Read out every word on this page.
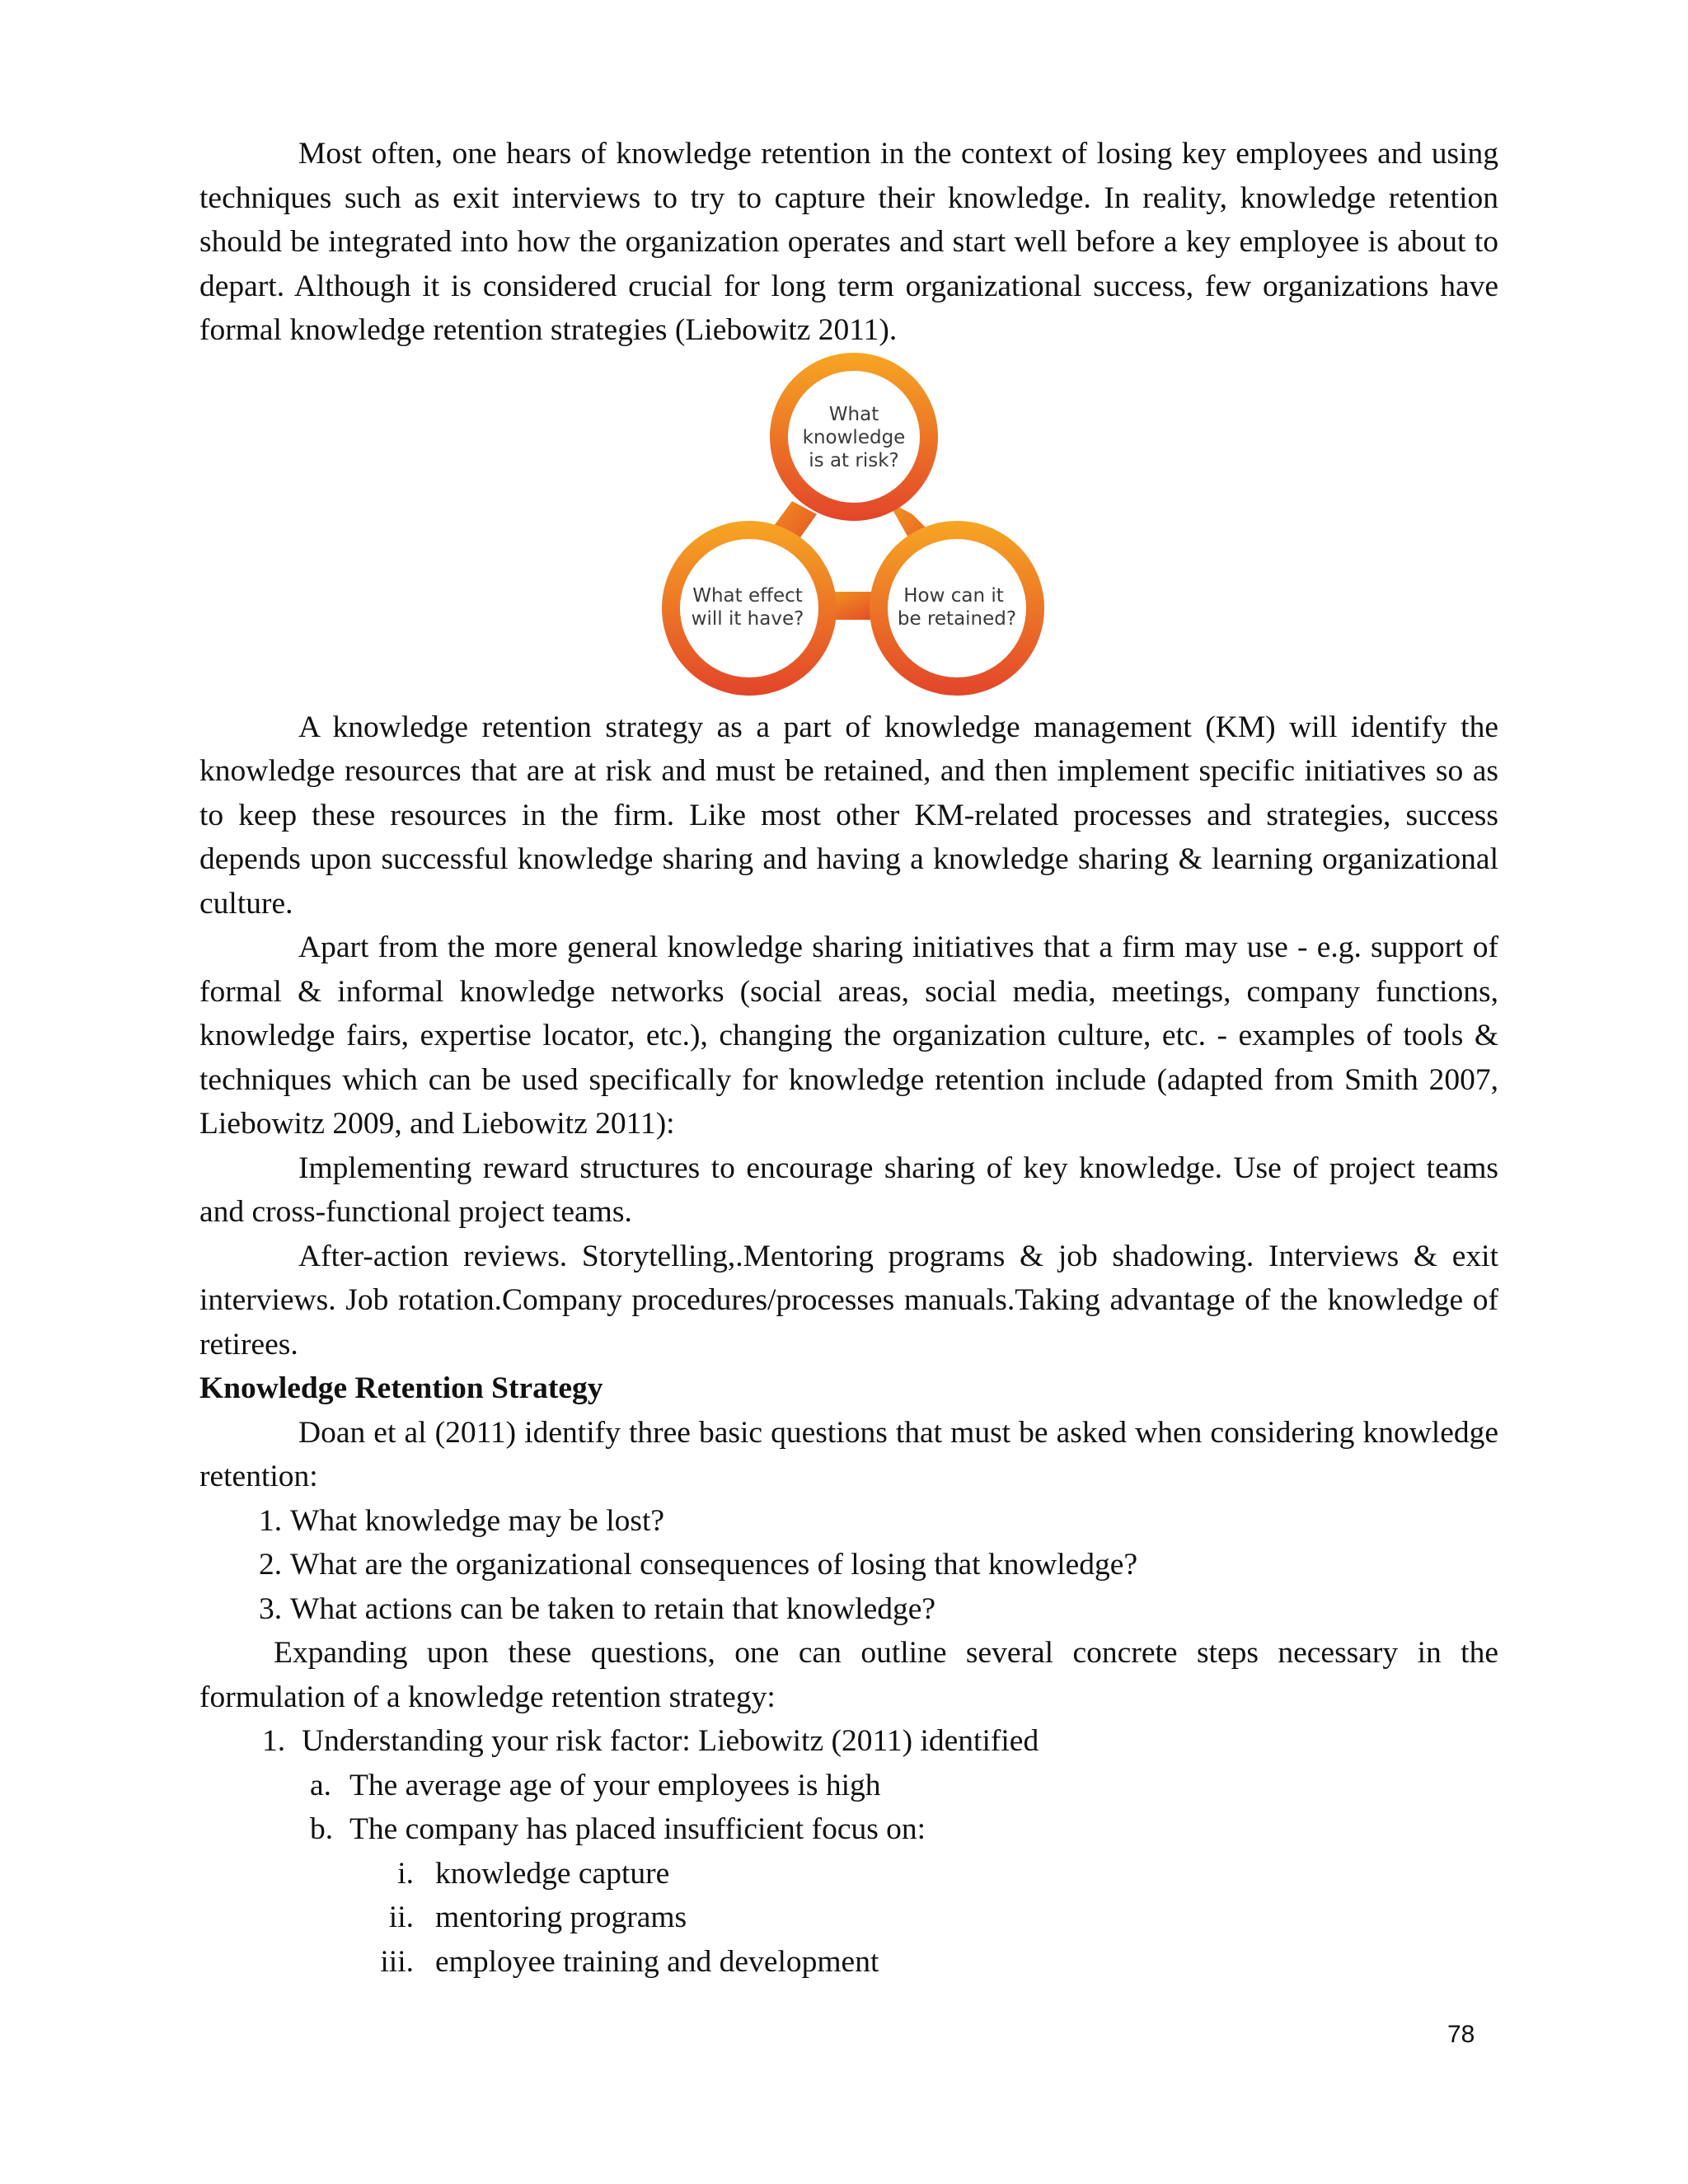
Most often, one hears of knowledge retention in the context of losing key employees and using techniques such as exit interviews to try to capture their knowledge. In reality, knowledge retention should be integrated into how the organization operates and start well before a key employee is about to depart. Although it is considered crucial for long term organizational success, few organizations have formal knowledge retention strategies (Liebowitz 2011).

What
knowledge
is at risk?
What effect
will it have?
How can it
be retained?

A knowledge retention strategy as a part of knowledge management (KM) will identify the knowledge resources that are at risk and must be retained, and then implement specific initiatives so as to keep these resources in the firm. Like most other KM-related processes and strategies, success depends upon successful knowledge sharing and having a knowledge sharing & learning organizational culture.

Apart from the more general knowledge sharing initiatives that a firm may use - e.g. support of formal & informal knowledge networks (social areas, social media, meetings, company functions, knowledge fairs, expertise locator, etc.), changing the organization culture, etc. - examples of tools & techniques which can be used specifically for knowledge retention include (adapted from Smith 2007, Liebowitz 2009, and Liebowitz 2011):

Implementing reward structures to encourage sharing of key knowledge. Use of project teams and cross-functional project teams.

After-action reviews. Storytelling,.Mentoring programs & job shadowing. Interviews & exit interviews. Job rotation.Company procedures/processes manuals.Taking advantage of the knowledge of retirees.

Knowledge Retention Strategy

Doan et al (2011) identify three basic questions that must be asked when considering knowledge retention:

1. What knowledge may be lost?
2. What are the organizational consequences of losing that knowledge?
3. What actions can be taken to retain that knowledge?

Expanding upon these questions, one can outline several concrete steps necessary in the formulation of a knowledge retention strategy:

1. Understanding your risk factor: Liebowitz (2011) identified
a. The average age of your employees is high
b. The company has placed insufficient focus on:
i. knowledge capture
ii. mentoring programs
iii. employee training and development
78
